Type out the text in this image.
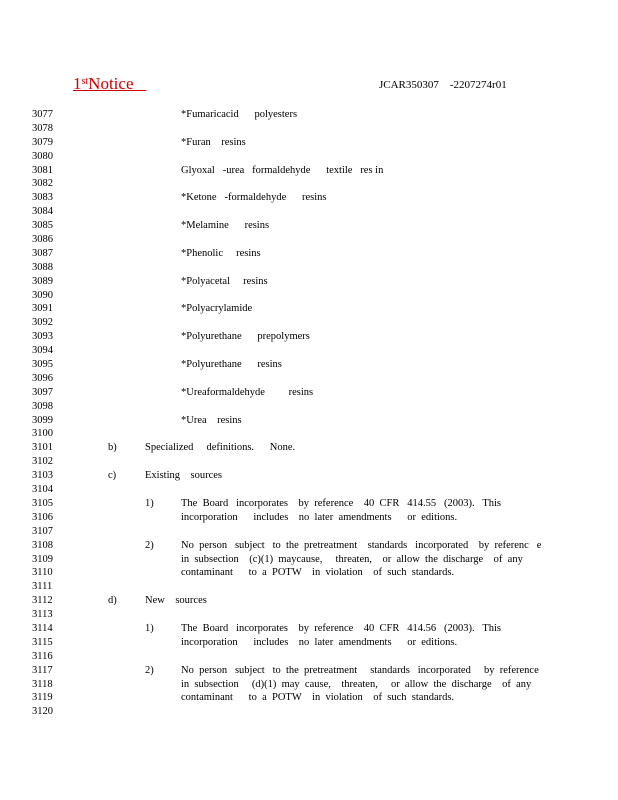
1stNotice	JCAR350307    -2207274r01
3077	*Fumaricacid      polyesters
3078
3079	*Furan    resins
3080
3081	Glyoxal   -urea   formaldehyde      textile   res in
3082
3083	*Ketone   -formaldehyde      resins
3084
3085	*Melamine      resins
3086
3087	*Phenolic     resins
3088
3089	*Polyacetal     resins
3090
3091	*Polyacrylamide
3092
3093	*Polyurethane      prepolymers
3094
3095	*Polyurethane      resins
3096
3097	*Ureaformaldehyde         resins
3098
3099	*Urea    resins
3100
3101	b)	Specialized     definitions.      None.
3102
3103	c)	Existing    sources
3104
3105	1)	The  Board   incorporates    by  reference    40  CFR   414.55   (2003).   This
3106	incorporation      includes    no  later  amendments      or  editions.
3107
3108	2)	No  person   subject   to  the  pretreatment    standards   incorporated    by  referenc   e
3109	in  subsection    (c)(1)  maycause,     threaten,    or  allow  the  discharge    of  any
3110	contaminant      to  a  POTW    in  violation    of  such  standards.
3111
3112	d)	New    sources
3113
3114	1)	The  Board   incorporates    by  reference    40  CFR   414.56   (2003).   This
3115	incorporation      includes    no  later  amendments      or  editions.
3116
3117	2)	No  person   subject   to  the  pretreatment     standards   incorporated     by  reference
3118	in  subsection     (d)(1)  may  cause,    threaten,     or  allow  the  discharge    of  any
3119	contaminant      to  a  POTW    in  violation    of  such  standards.
3120
